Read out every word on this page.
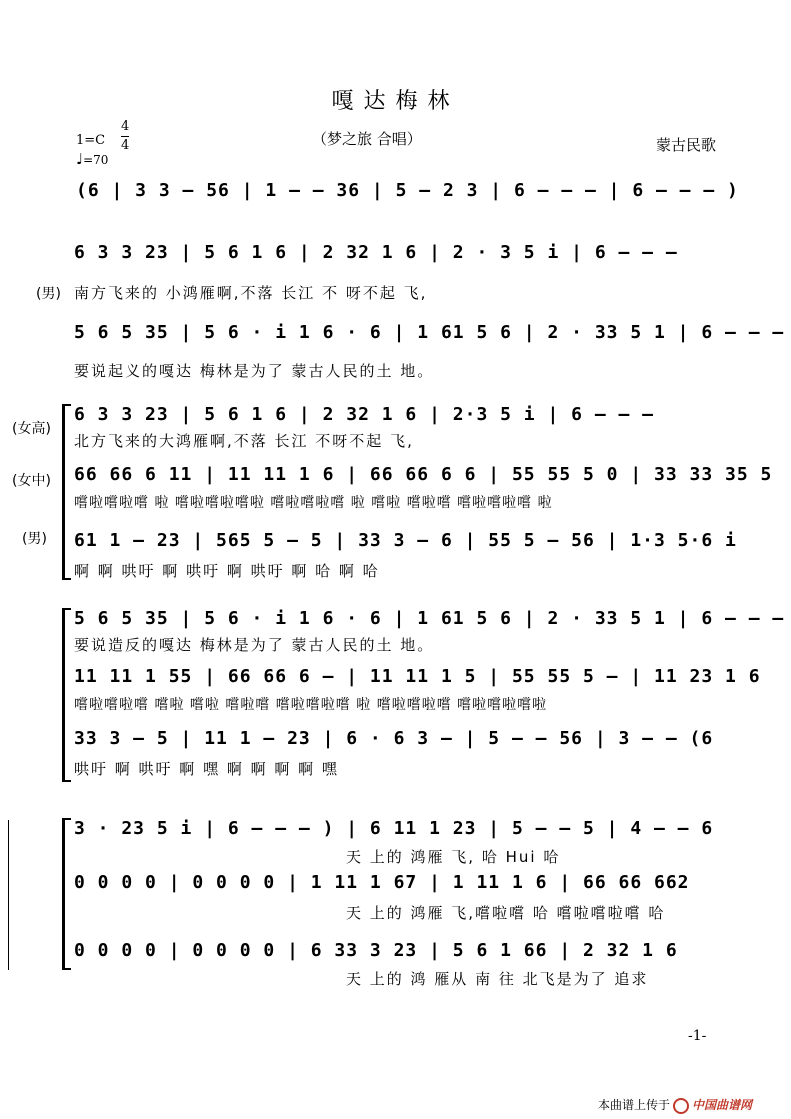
嘎达梅林
1=C
4
4
♩=70
（梦之旅 合唱）	蒙古民歌
(6 | 3 3 – 56 | 1 – – 36 | 5 – 2 3 | 6 – – – | 6 – – – )
6 3 3 23 | 5 6 1 6 | 2 32 1 6 | 2 · 3 5 i | 6 – – –
(男) 南方飞来的 小鸿雁啊,不落 长江 不 呀不起 飞,
5 6 5 35 | 5 6 · i 1 6 · 6 | 1 61 5 6 | 2 · 33 5 1 | 6 – – –
要说起义的嘎达 梅林是为了 蒙古人民的土 地。
(女高)
(女中)
(男)
6 3 3 23 | 5 6 1 6 | 2 32 1 6 | 2·3 5 i | 6 – – –
北方飞来的大鸿雁啊,不落 长江 不呀不起 飞,
66 66 6 11 | 11 11 1 6 | 66 66 6 6 | 55 55 5 0 | 33 33 35 5
嚐啦嚐啦嚐 啦 嚐啦嚐啦嚐啦 嚐啦嚐啦嚐 啦 嚐啦 嚐啦嚐 嚐啦嚐啦嚐 啦
61 1 – 23 | 565 5 – 5 | 33 3 – 6 | 55 5 – 56 | 1·3 5·6 i
啊 啊 哄吁 啊 哄吁 啊 哄吁 啊 哈 啊 哈
5 6 5 35 | 5 6 · i 1 6 · 6 | 1 61 5 6 | 2 · 33 5 1 | 6 – – –
要说造反的嘎达 梅林是为了 蒙古人民的土 地。
11 11 1 55 | 66 66 6 – | 11 11 1 5 | 55 55 5 – | 11 23 1 6
嚐啦嚐啦嚐 嚐啦 嚐啦 嚐啦嚐 嚐啦嚐啦嚐 啦 嚐啦嚐啦嚐 嚐啦嚐啦嚐啦
33 3 – 5 | 11 1 – 23 | 6 · 6 3 – | 5 – – 56 | 3 – – (6
哄吁 啊 哄吁 啊 嘿 啊 啊 啊 啊 嘿
3 · 23 5 i | 6 – – – ) | 6 11 1 23 | 5 – – 5 | 4 – – 6
天 上的 鸿雁 飞, 哈 Hui 哈
0 0 0 0 | 0 0 0 0 | 1 11 1 67 | 1 11 1 6 | 66 66 662
天 上的 鸿雁 飞,嚐啦嚐 哈 嚐啦嚐啦嚐 哈
0 0 0 0 | 0 0 0 0 | 6 33 3 23 | 5 6 1 66 | 2 32 1 6
天 上的 鸿 雁从 南 往 北飞是为了 追求
-1-
本曲谱上传于 中国曲谱网
